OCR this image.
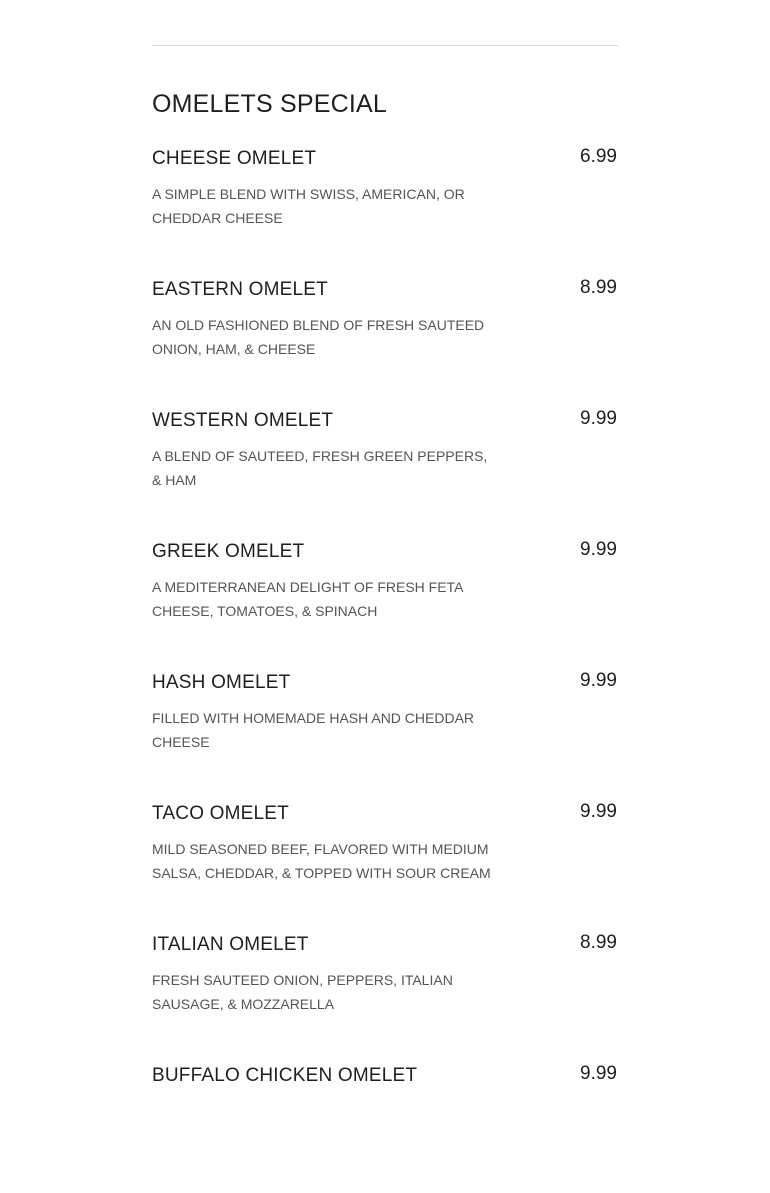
OMELETS SPECIAL
CHEESE OMELET	6.99

A SIMPLE BLEND WITH SWISS, AMERICAN, OR CHEDDAR CHEESE

EASTERN OMELET	8.99

AN OLD FASHIONED BLEND OF FRESH SAUTEED ONION, HAM, & CHEESE

WESTERN OMELET	9.99

A BLEND OF SAUTEED, FRESH GREEN PEPPERS, & HAM

GREEK OMELET	9.99

A MEDITERRANEAN DELIGHT OF FRESH FETA CHEESE, TOMATOES, & SPINACH

HASH OMELET	9.99

FILLED WITH HOMEMADE HASH AND CHEDDAR CHEESE

TACO OMELET	9.99

MILD SEASONED BEEF, FLAVORED WITH MEDIUM SALSA, CHEDDAR, & TOPPED WITH SOUR CREAM

ITALIAN OMELET	8.99

FRESH SAUTEED ONION, PEPPERS, ITALIAN SAUSAGE, & MOZZARELLA

BUFFALO CHICKEN OMELET	9.99
